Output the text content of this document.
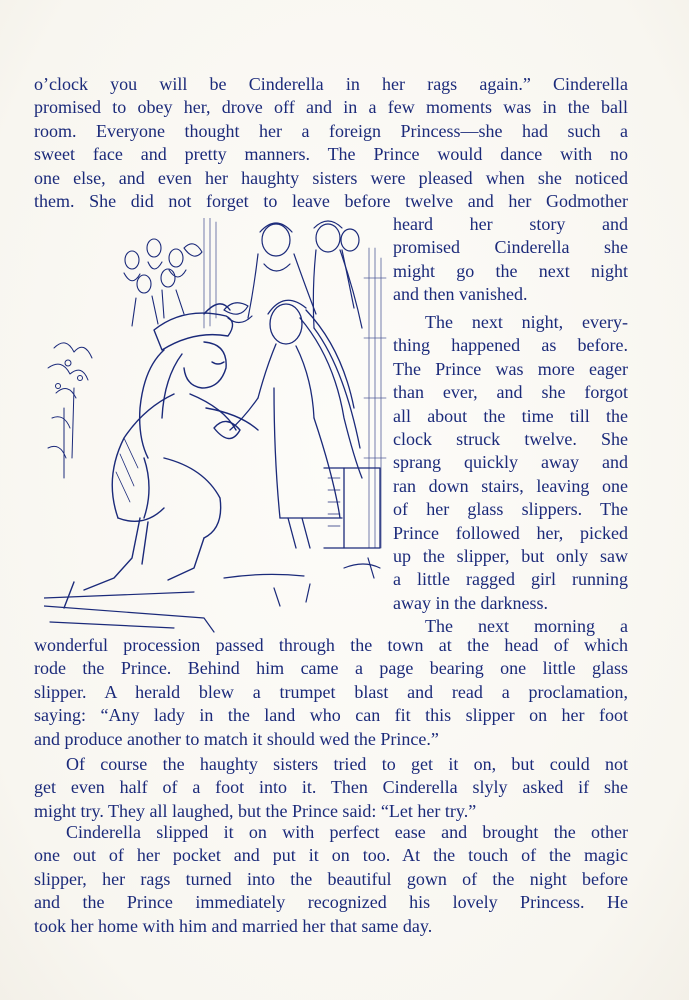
o’clock you will be Cinderella in her rags again.” Cinderella
promised to obey her, drove off and in a few moments was in the ball
room. Everyone thought her a foreign Princess—she had such a
sweet face and pretty manners. The Prince would dance with no
one else, and even her haughty sisters were pleased when she noticed
them. She did not forget to leave before twelve and her Godmother
heard her story and
promised Cinderella she
might go the next night
and then vanished.
The next night, every-
thing happened as before.
The Prince was more eager
than ever, and she forgot
all about the time till the
clock struck twelve. She
sprang quickly away and
ran down stairs, leaving one
of her glass slippers. The
Prince followed her, picked
up the slipper, but only saw
a little ragged girl running
away in the darkness.
The next morning a
wonderful procession passed through the town at the head of which
rode the Prince. Behind him came a page bearing one little glass
slipper. A herald blew a trumpet blast and read a proclamation,
saying: “Any lady in the land who can fit this slipper on her foot
and produce another to match it should wed the Prince.”
Of course the haughty sisters tried to get it on, but could not
get even half of a foot into it. Then Cinderella slyly asked if she
might try. They all laughed, but the Prince said: “Let her try.”
Cinderella slipped it on with perfect ease and brought the other
one out of her pocket and put it on too. At the touch of the magic
slipper, her rags turned into the beautiful gown of the night before
and the Prince immediately recognized his lovely Princess. He
took her home with him and married her that same day.
